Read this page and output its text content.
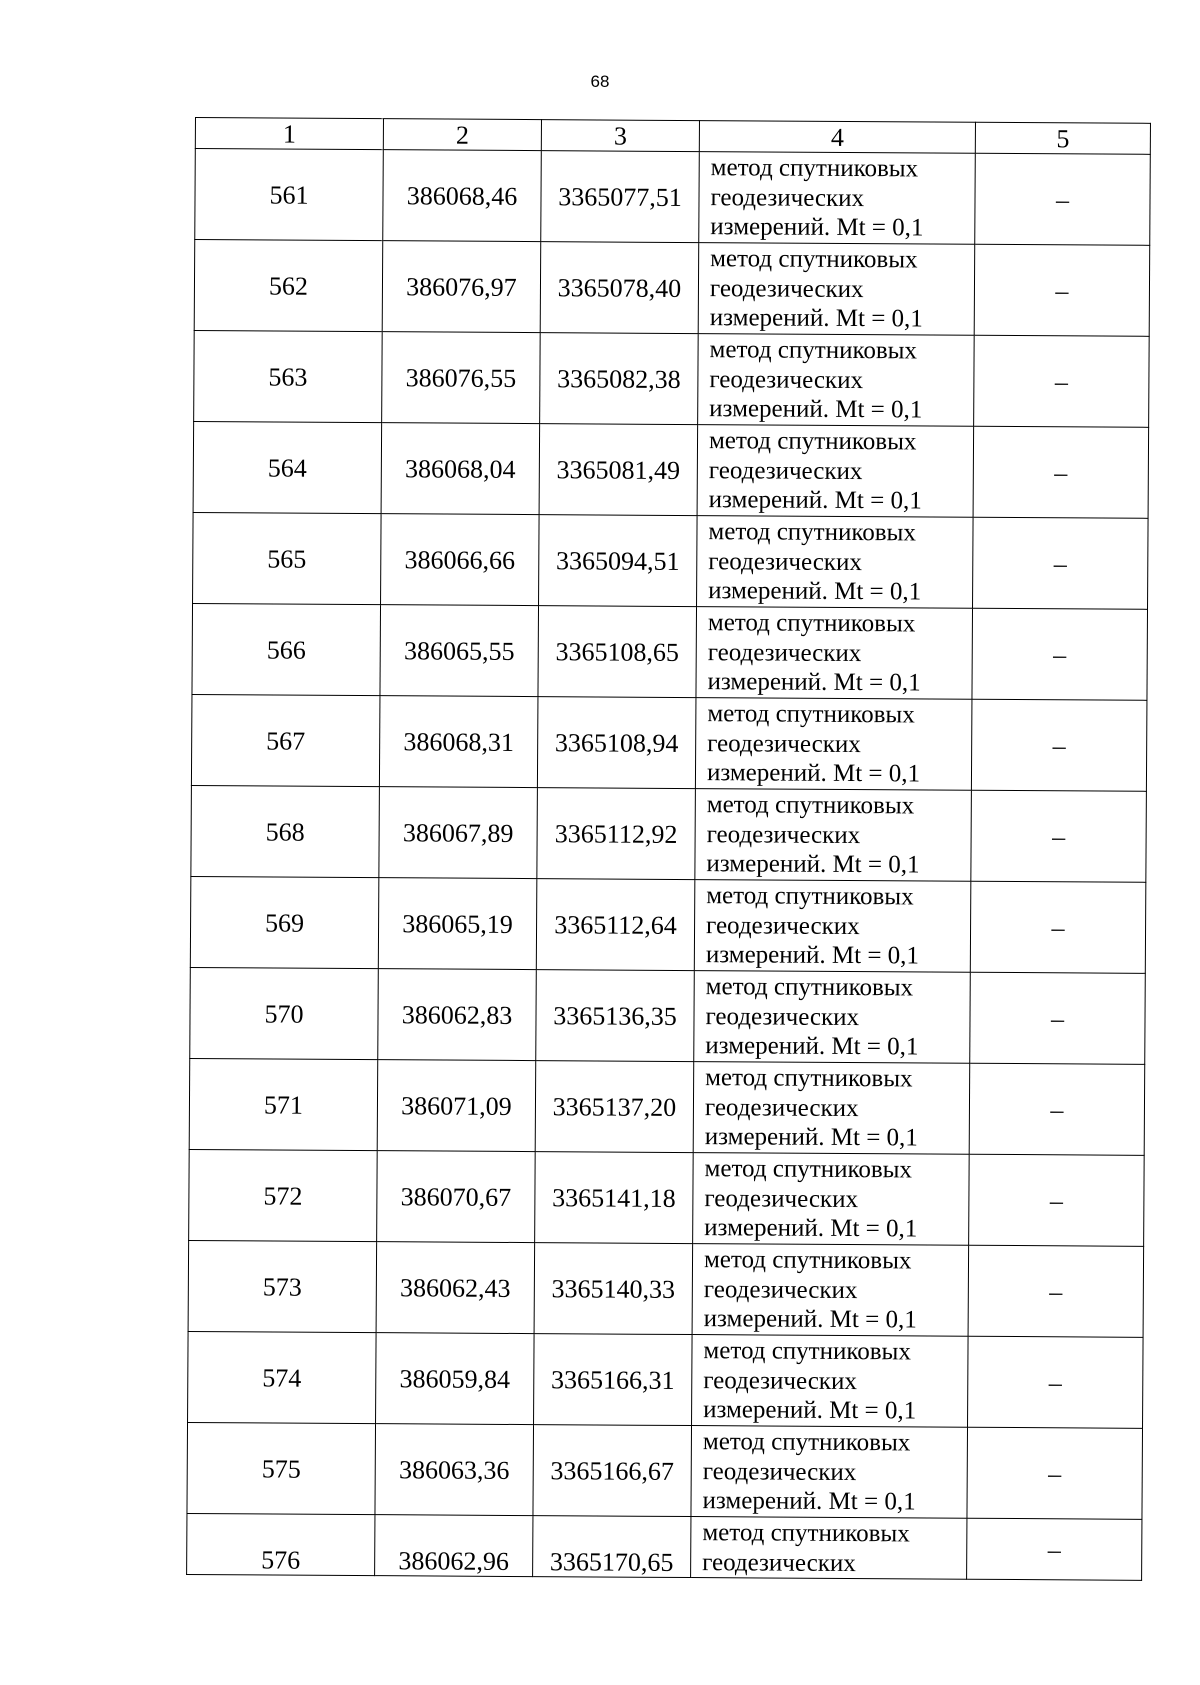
68
1	2	3	4	5
561	386068,46	3365077,51	метод спутниковых
геодезических
измерений. Mt = 0,1	–
562	386076,97	3365078,40	метод спутниковых
геодезических
измерений. Mt = 0,1	–
563	386076,55	3365082,38	метод спутниковых
геодезических
измерений. Mt = 0,1	–
564	386068,04	3365081,49	метод спутниковых
геодезических
измерений. Mt = 0,1	–
565	386066,66	3365094,51	метод спутниковых
геодезических
измерений. Mt = 0,1	–
566	386065,55	3365108,65	метод спутниковых
геодезических
измерений. Mt = 0,1	–
567	386068,31	3365108,94	метод спутниковых
геодезических
измерений. Mt = 0,1	–
568	386067,89	3365112,92	метод спутниковых
геодезических
измерений. Mt = 0,1	–
569	386065,19	3365112,64	метод спутниковых
геодезических
измерений. Mt = 0,1	–
570	386062,83	3365136,35	метод спутниковых
геодезических
измерений. Mt = 0,1	–
571	386071,09	3365137,20	метод спутниковых
геодезических
измерений. Mt = 0,1	–
572	386070,67	3365141,18	метод спутниковых
геодезических
измерений. Mt = 0,1	–
573	386062,43	3365140,33	метод спутниковых
геодезических
измерений. Mt = 0,1	–
574	386059,84	3365166,31	метод спутниковых
геодезических
измерений. Mt = 0,1	–
575	386063,36	3365166,67	метод спутниковых
геодезических
измерений. Mt = 0,1	–
576	386062,96	3365170,65	метод спутниковых
геодезических	–
